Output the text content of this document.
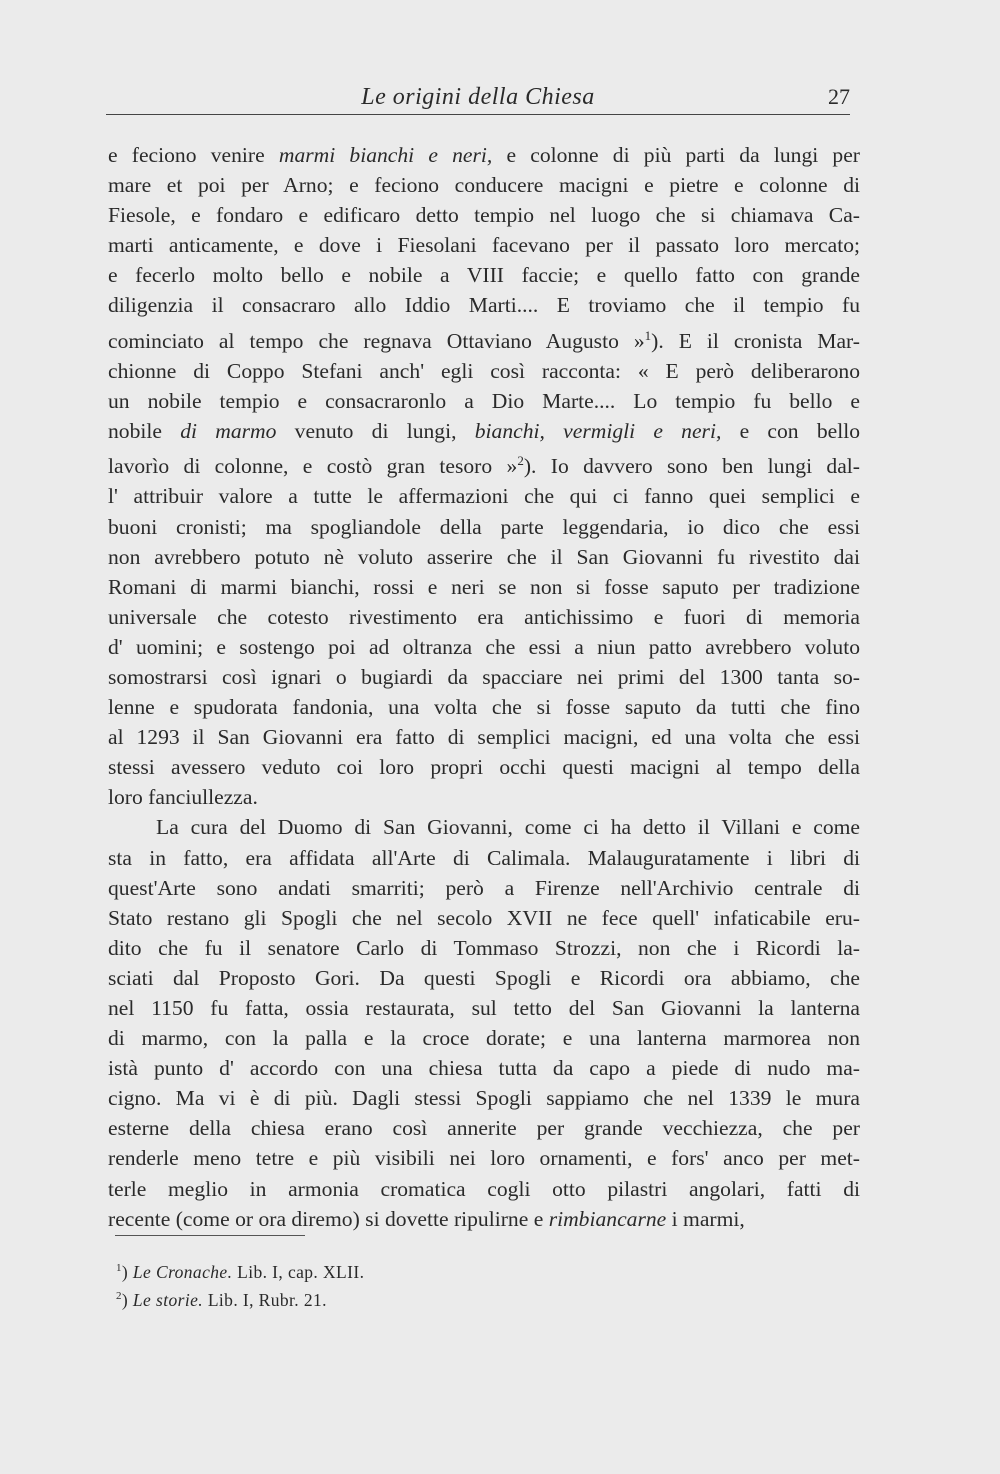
Le origini della Chiesa	27
e feciono venire marmi bianchi e neri, e colonne di più parti da lungi per
mare et poi per Arno; e feciono conducere macigni e pietre e colonne di
Fiesole, e fondaro e edificaro detto tempio nel luogo che si chiamava Ca-
marti anticamente, e dove i Fiesolani facevano per il passato loro mercato;
e fecerlo molto bello e nobile a VIII faccie; e quello fatto con grande
diligenzia il consacraro allo Iddio Marti.... E troviamo che il tempio fu
cominciato al tempo che regnava Ottaviano Augusto »$^1$). E il cronista Mar-
chionne di Coppo Stefani anch' egli così racconta: « E però deliberarono
un nobile tempio e consacraronlo a Dio Marte.... Lo tempio fu bello e
nobile di marmo venuto di lungi, bianchi, vermigli e neri, e con bello
lavorìo di colonne, e costò gran tesoro »$^2$). Io davvero sono ben lungi dal-
l' attribuir valore a tutte le affermazioni che qui ci fanno quei semplici e
buoni cronisti; ma spogliandole della parte leggendaria, io dico che essi
non avrebbero potuto nè voluto asserire che il San Giovanni fu rivestito dai
Romani di marmi bianchi, rossi e neri se non si fosse saputo per tradizione
universale che cotesto rivestimento era antichissimo e fuori di memoria
d' uomini; e sostengo poi ad oltranza che essi a niun patto avrebbero voluto
somostrarsi così ignari o bugiardi da spacciare nei primi del 1300 tanta so-
lenne e spudorata fandonia, una volta che si fosse saputo da tutti che fino
al 1293 il San Giovanni era fatto di semplici macigni, ed una volta che essi
stessi avessero veduto coi loro propri occhi questi macigni al tempo della
loro fanciullezza.
La cura del Duomo di San Giovanni, come ci ha detto il Villani e come
sta in fatto, era affidata all'Arte di Calimala. Malauguratamente i libri di
quest'Arte sono andati smarriti; però a Firenze nell'Archivio centrale di
Stato restano gli Spogli che nel secolo XVII ne fece quell' infaticabile eru-
dito che fu il senatore Carlo di Tommaso Strozzi, non che i Ricordi la-
sciati dal Proposto Gori. Da questi Spogli e Ricordi ora abbiamo, che
nel 1150 fu fatta, ossia restaurata, sul tetto del San Giovanni la lanterna
di marmo, con la palla e la croce dorate; e una lanterna marmorea non
istà punto d' accordo con una chiesa tutta da capo a piede di nudo ma-
cigno. Ma vi è di più. Dagli stessi Spogli sappiamo che nel 1339 le mura
esterne della chiesa erano così annerite per grande vecchiezza, che per
renderle meno tetre e più visibili nei loro ornamenti, e fors' anco per met-
terle meglio in armonia cromatica cogli otto pilastri angolari, fatti di
recente (come or ora diremo) si dovette ripulirne e rimbiancarne i marmi,
$^1$) Le Cronache. Lib. I, cap. XLII.
$^2$) Le storie. Lib. I, Rubr. 21.
